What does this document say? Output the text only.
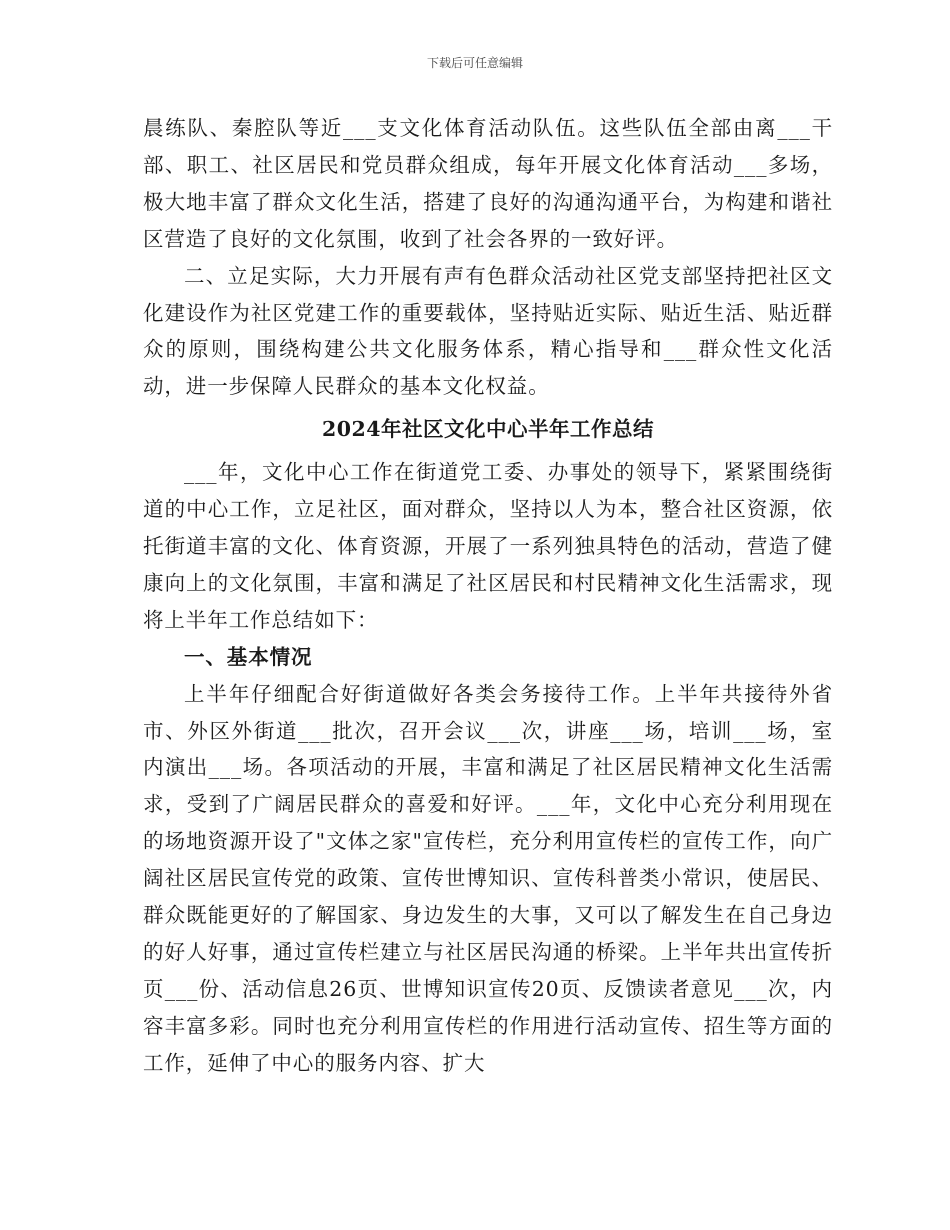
下载后可任意编辑

晨练队、秦腔队等近___支文化体育活动队伍。这些队伍全部由离___干部、职工、社区居民和党员群众组成，每年开展文化体育活动___多场，极大地丰富了群众文化生活，搭建了良好的沟通沟通平台，为构建和谐社区营造了良好的文化氛围，收到了社会各界的一致好评。

二、立足实际，大力开展有声有色群众活动社区党支部坚持把社区文化建设作为社区党建工作的重要载体，坚持贴近实际、贴近生活、贴近群众的原则，围绕构建公共文化服务体系，精心指导和___群众性文化活动，进一步保障人民群众的基本文化权益。

2024年社区文化中心半年工作总结

___年，文化中心工作在街道党工委、办事处的领导下，紧紧围绕街道的中心工作，立足社区，面对群众，坚持以人为本，整合社区资源，依托街道丰富的文化、体育资源，开展了一系列独具特色的活动，营造了健康向上的文化氛围，丰富和满足了社区居民和村民精神文化生活需求，现将上半年工作总结如下：

一、基本情况

上半年仔细配合好街道做好各类会务接待工作。上半年共接待外省市、外区外街道___批次，召开会议___次，讲座___场，培训___场，室内演出___场。各项活动的开展，丰富和满足了社区居民精神文化生活需求，受到了广阔居民群众的喜爱和好评。___年，文化中心充分利用现在的场地资源开设了"文体之家"宣传栏，充分利用宣传栏的宣传工作，向广阔社区居民宣传党的政策、宣传世博知识、宣传科普类小常识，使居民、群众既能更好的了解国家、身边发生的大事，又可以了解发生在自己身边的好人好事，通过宣传栏建立与社区居民沟通的桥梁。上半年共出宣传折页___份、活动信息26页、世博知识宣传20页、反馈读者意见___次，内容丰富多彩。同时也充分利用宣传栏的作用进行活动宣传、招生等方面的工作，延伸了中心的服务内容、扩大
